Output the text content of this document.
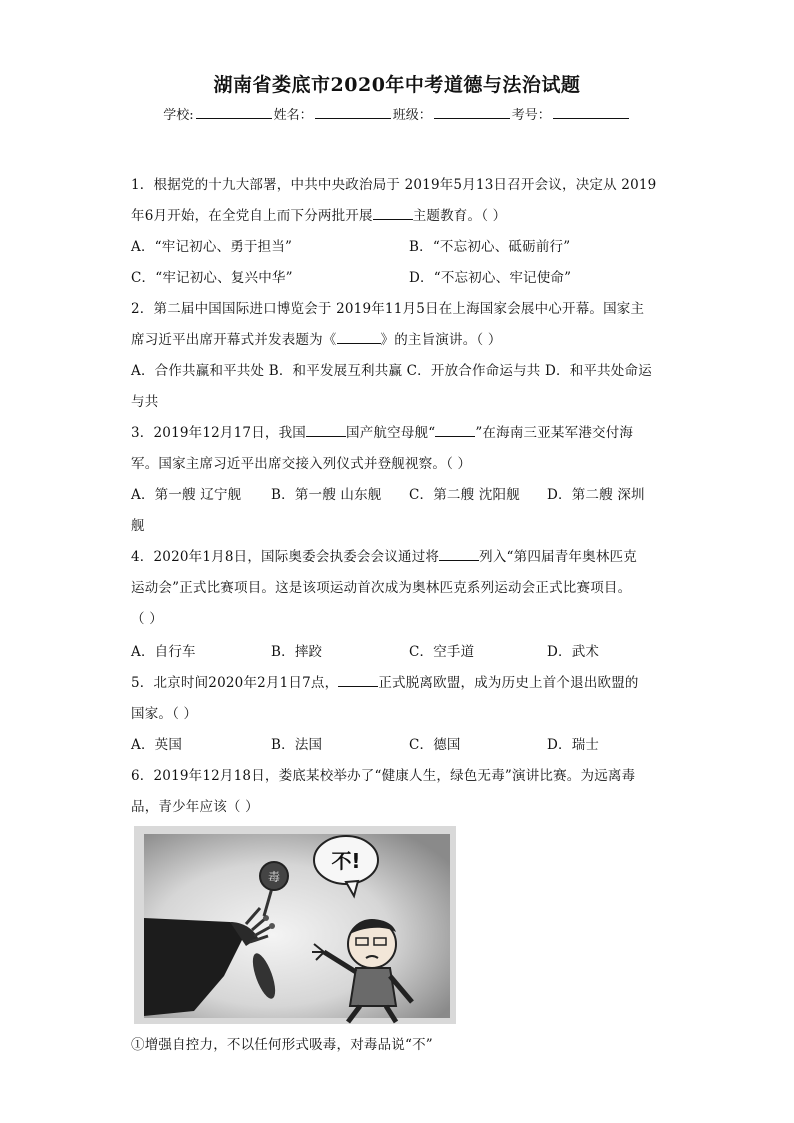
湖南省娄底市2020年中考道德与法治试题
学校:	姓名：	班级：	考号：
1．根据党的十九大部署，中共中央政治局于 2019年5月13日召开会议，决定从 2019
年6月开始，在全党自上而下分两批开展	主题教育。（ ）
A．“牢记初心、勇于担当”	B．“不忘初心、砥砺前行”
C．“牢记初心、复兴中华”	D．“不忘初心、牢记使命”
2．第二届中国国际进口博览会于 2019年11月5日在上海国家会展中心开幕。国家主
席习近平出席开幕式并发表题为《	》的主旨演讲。（ ）
A．合作共赢和平共处 B．和平发展互利共赢 C．开放合作命运与共 D．和平共处命运
与共
3．2019年12月17日，我国	国产航空母舰“	”在海南三亚某军港交付海
军。国家主席习近平出席交接入列仪式并登舰视察。（ ）
A．第一艘 辽宁舰 B．第一艘 山东舰 C．第二艘 沈阳舰 D．第二艘 深圳
舰
4．2020年1月8日，国际奥委会执委会会议通过将	列入“第四届青年奥林匹克
运动会”正式比赛项目。这是该项运动首次成为奥林匹克系列运动会正式比赛项目。
（ ）
A．自行车	B．摔跤	C．空手道	D．武术
5．北京时间2020年2月1日7点，	正式脱离欧盟，成为历史上首个退出欧盟的
国家。（ ）
A．英国	B．法国	C．德国	D．瑞士
6．2019年12月18日，娄底某校举办了“健康人生，绿色无毒”演讲比赛。为远离毒
品，青少年应该（ ）
毒
不!
①增强自控力，不以任何形式吸毒，对毒品说“不”
